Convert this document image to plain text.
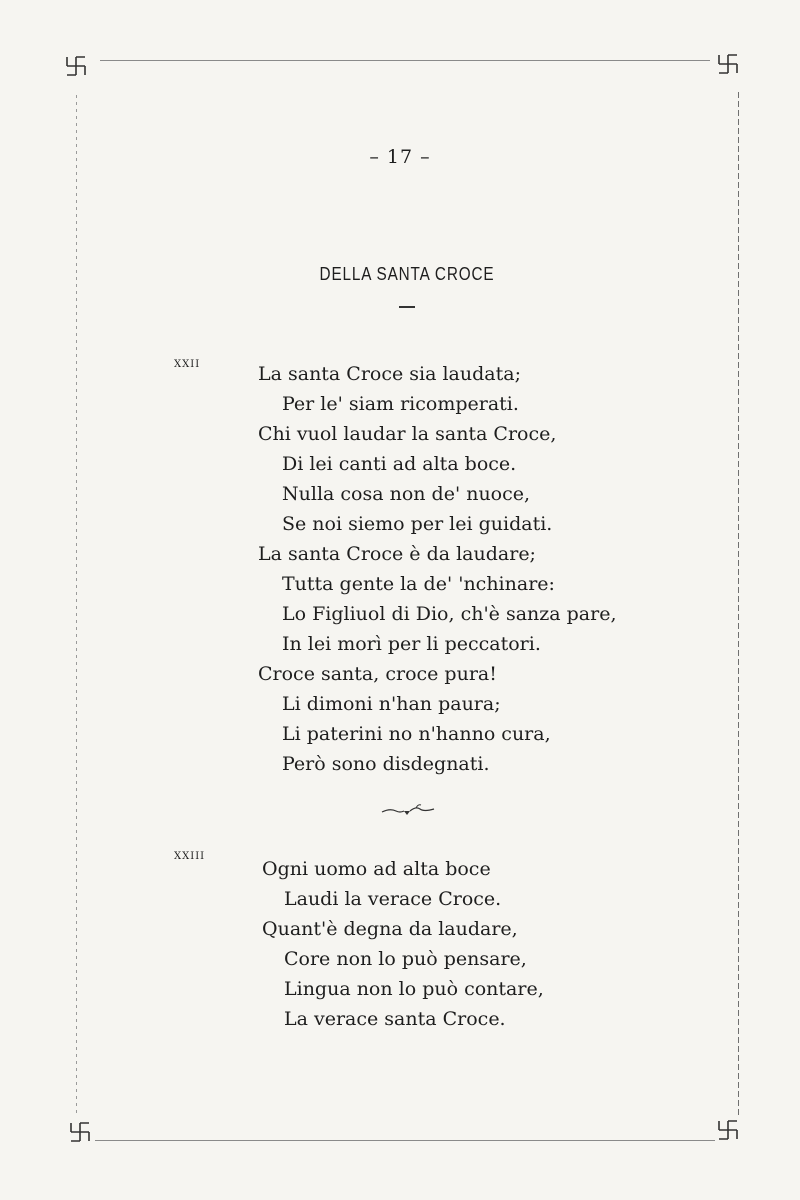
– 17 –
DELLA SANTA CROCE
XXII	La santa Croce sia laudata;
Per le' siam ricomperati.
Chi vuol laudar la santa Croce,
Di lei canti ad alta boce.
Nulla cosa non de' nuoce,
Se noi siemo per lei guidati.
La santa Croce è da laudare;
Tutta gente la de' 'nchinare:
Lo Figliuol di Dio, ch'è sanza pare,
In lei morì per li peccatori.
Croce santa, croce pura!
Li dimoni n'han paura;
Li paterini no n'hanno cura,
Però sono disdegnati.
XXIII
Ogni uomo ad alta boce
Laudi la verace Croce.
Quant'è degna da laudare,
Core non lo può pensare,
Lingua non lo può contare,
La verace santa Croce.
